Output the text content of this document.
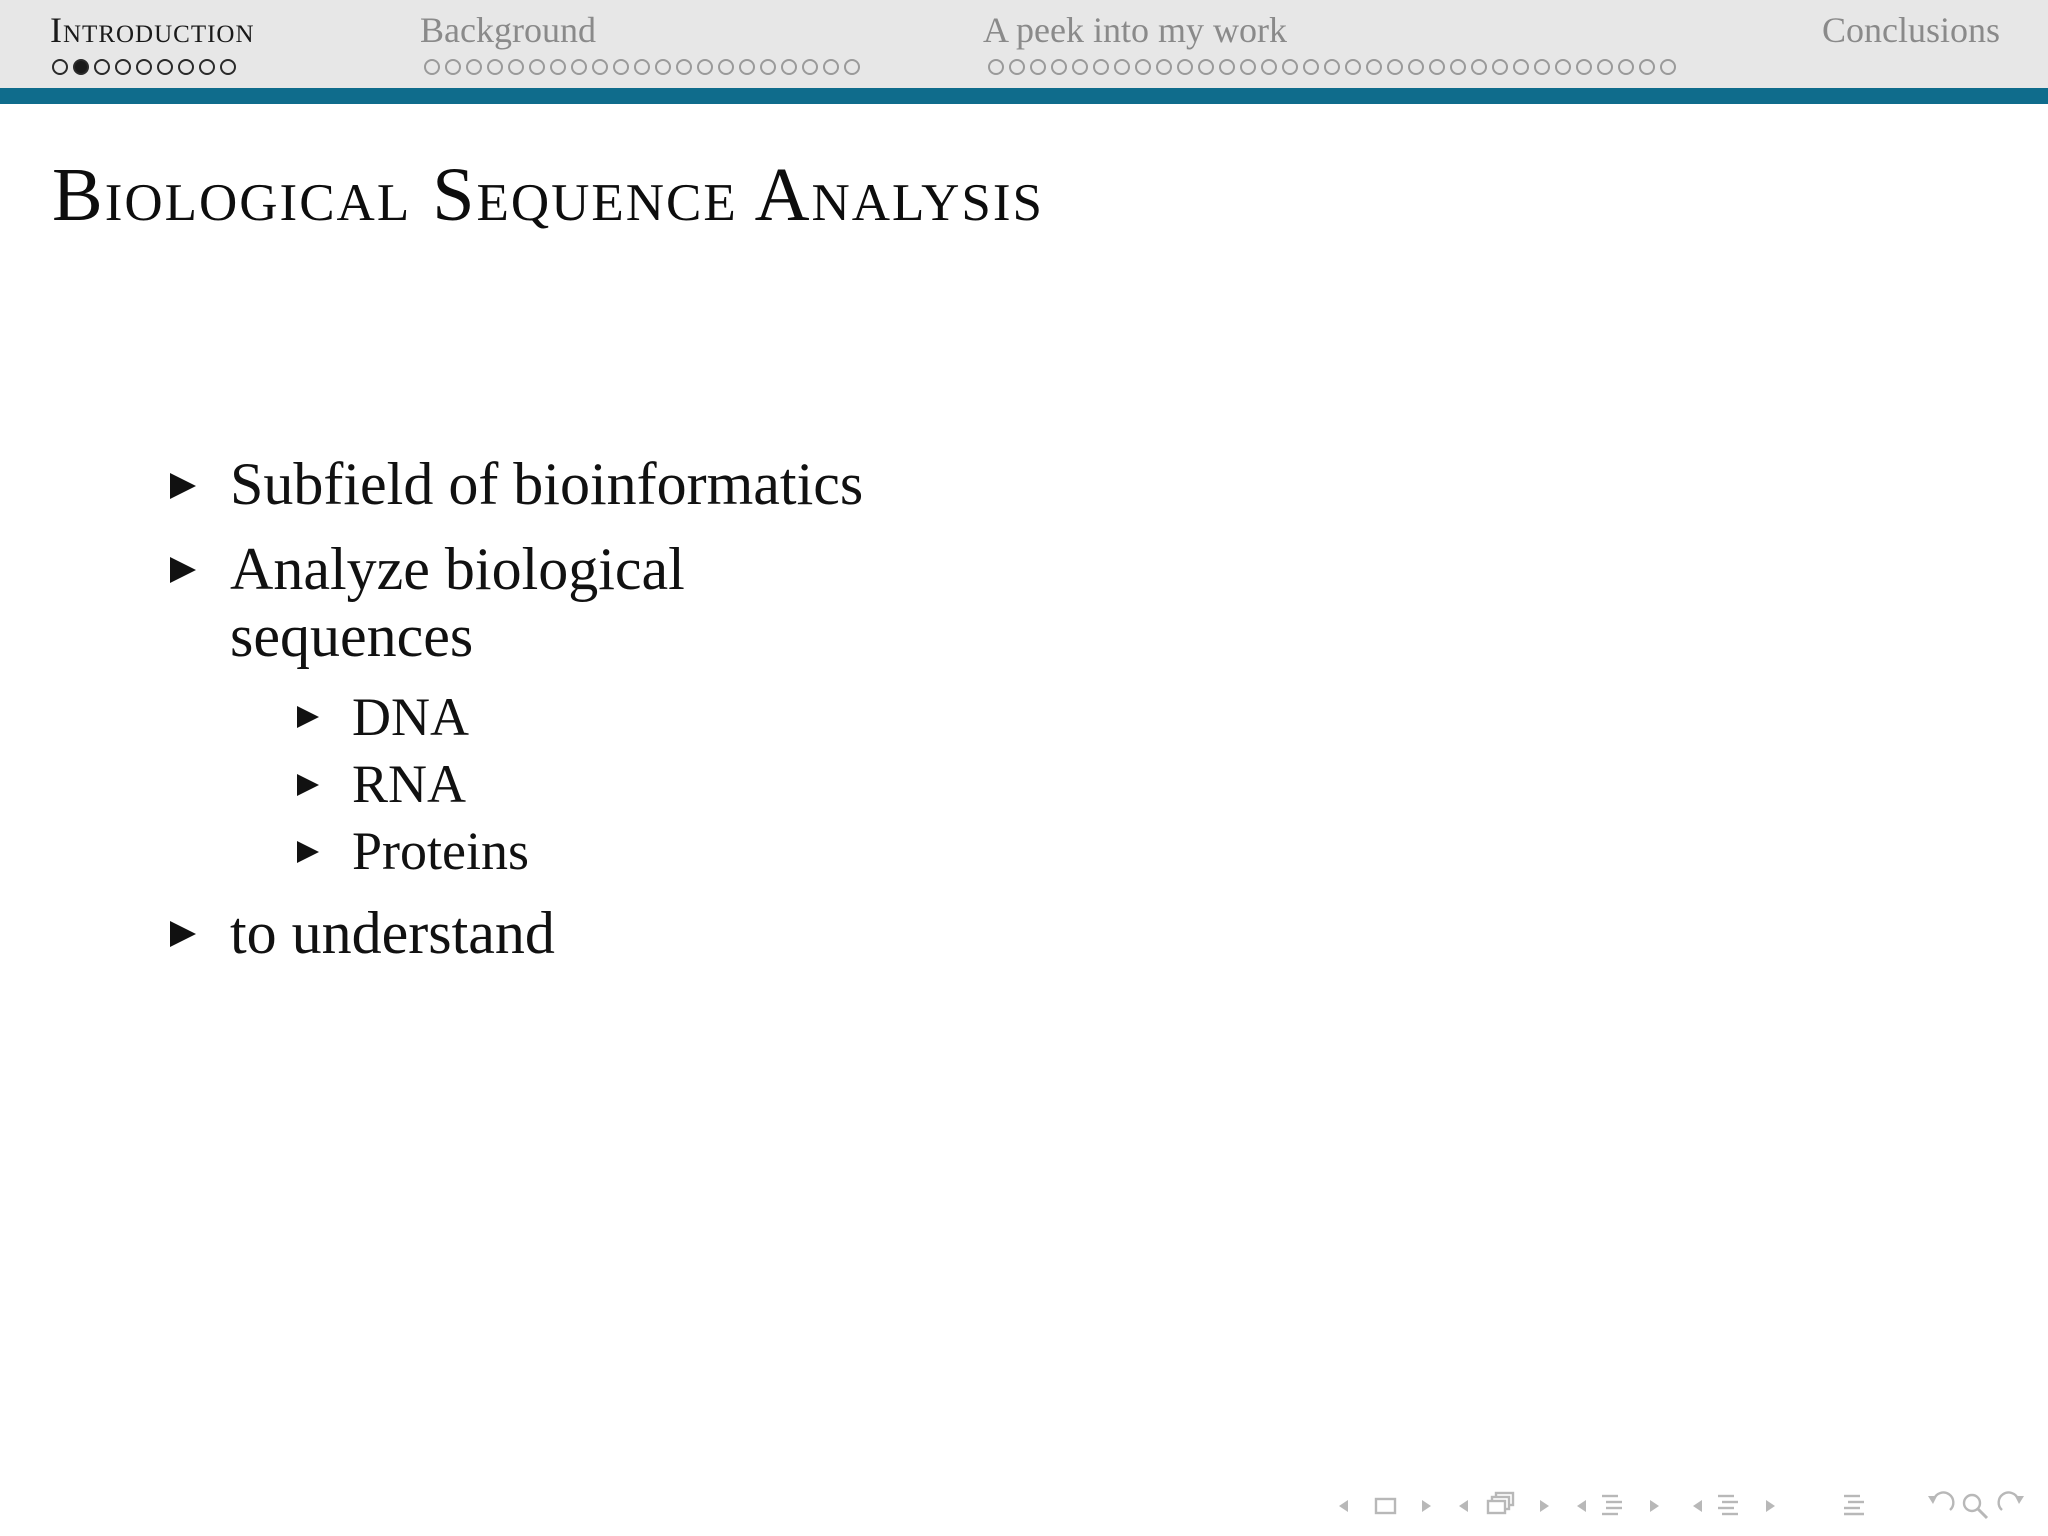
Introduction	Background	A peek into my work	Conclusions
Biological Sequence Analysis
Subfield of bioinformatics
Analyze biological
sequences
DNA
RNA
Proteins
to understand
